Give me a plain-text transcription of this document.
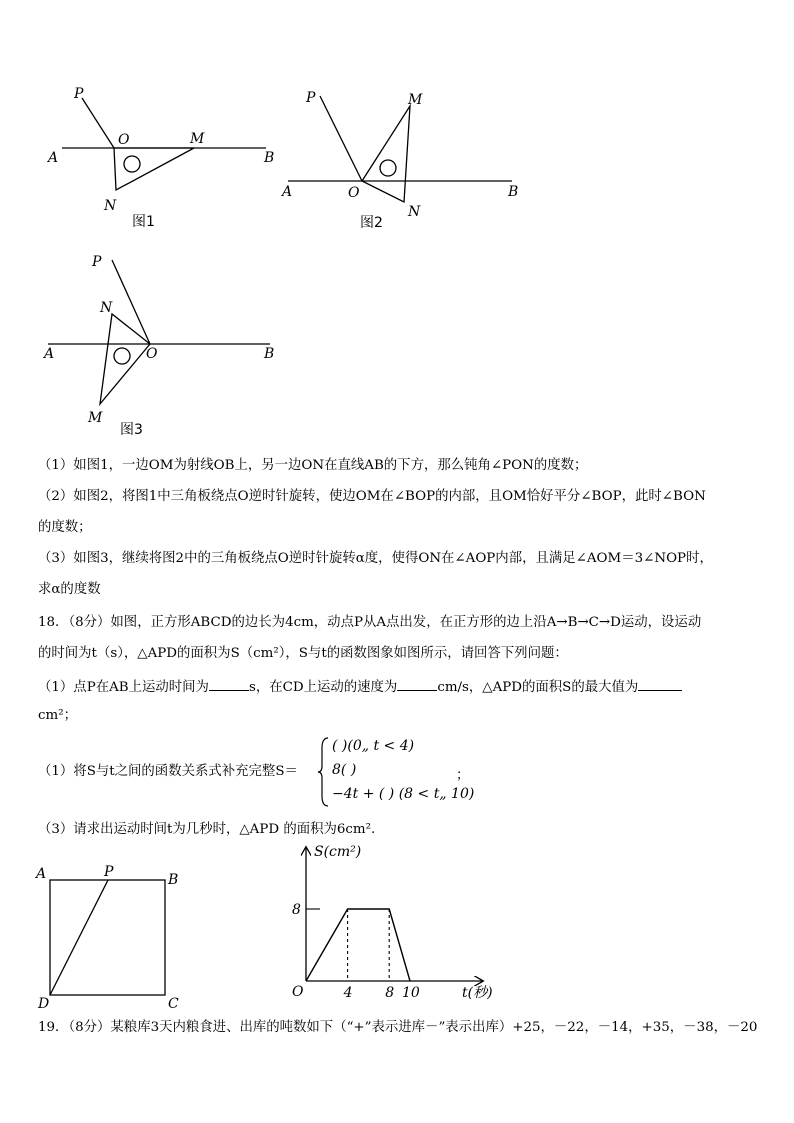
P
O	M
A	B
N
图1
P	M
O
A	B
N
图2
P
N
O
A	B
M
图3
（1）如图1，一边OM为射线OB上，另一边ON在直线AB的下方，那么钝角∠PON的度数；
（2）如图2，将图1中三角板绕点O逆时针旋转，使边OM在∠BOP的内部，且OM恰好平分∠BOP，此时∠BON
的度数；
（3）如图3，继续将图2中的三角板绕点O逆时针旋转α度，使得ON在∠AOP内部，且满足∠AOM＝3∠NOP时，
求α的度数
18．（8分）如图，正方形ABCD的边长为4cm，动点P从A点出发，在正方形的边上沿A→B→C→D运动，设运动
的时间为t（s），△APD的面积为S（cm²），S与t的函数图象如图所示，请回答下列问题：
（1）点P在AB上运动时间为	s，在CD上运动的速度为	cm/s，△APD的面积S的最大值为
cm²；
（1）将S与t之间的函数关系式补充完整S＝
( )(0„ t < 4)
8( )
−4t + ( ) (8 < t„ 10)
；
（3）请求出运动时间t为几秒时，△APD 的面积为6cm².
A	P	B
D	C
S(cm²)
t(秒)
O
8
4 8 10
19．（8分）某粮库3天内粮食进、出库的吨数如下（“+”表示进库－”表示出库）+25，－22，－14，+35，－38，－20
